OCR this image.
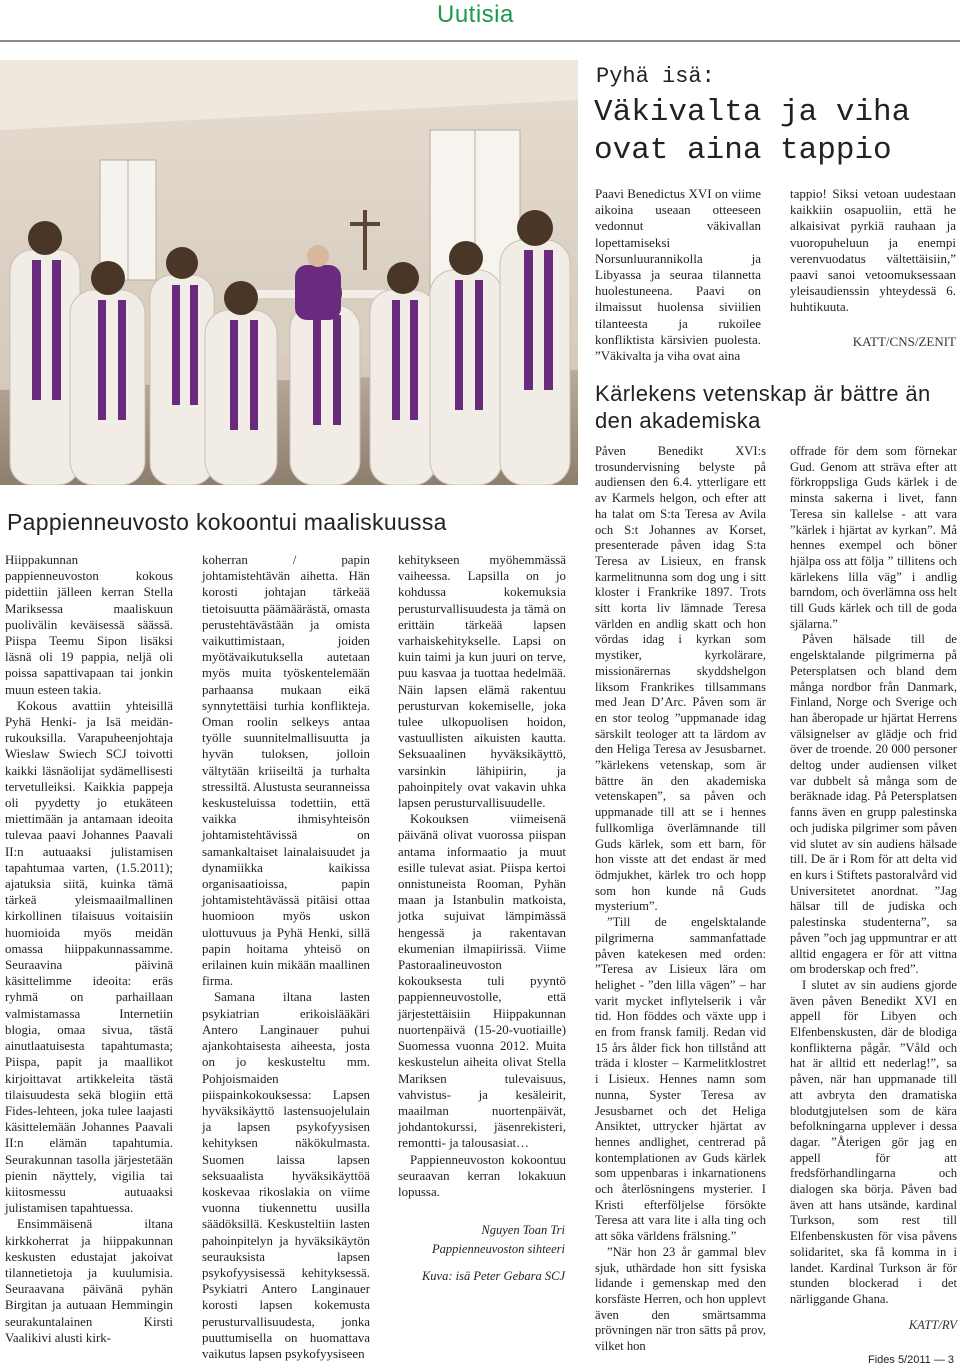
Uutisia
Pyhä isä:
Väkivalta ja viha ovat aina tappio

Paavi Benedictus XVI on viime aikoina useaan otteeseen vedonnut väkivallan lopettamiseksi Norsunluurannikolla ja Libyassa ja seuraa tilannetta huolestuneena. Paavi on ilmaissut huolensa siviilien tilanteesta ja rukoilee konfliktista kärsivien puolesta. ”Väkivalta ja viha ovat aina

tappio! Siksi vetoan uudestaan kaikkiin osapuoliin, että he alkaisivat pyrkiä rauhaan ja vuoropuheluun ja enempi verenvuodatus vältettäisiin,” paavi sanoi vetoomuksessaan yleisaudienssin yhteydessä 6. huhtikuuta.

KATT/CNS/ZENIT

Kärlekens vetenskap är bättre än den akademiska

Påven Benedikt XVI:s trosundervisning belyste på audiensen den 6.4. ytterligare ett av Karmels helgon, och efter att ha talat om S:ta Teresa av Avila och S:t Johannes av Korset, presenterade påven idag S:ta Teresa av Lisieux, en fransk karmelitnunna som dog ung i sitt kloster i Frankrike 1897. Trots sitt korta liv lämnade Teresa världen en andlig skatt och hon vördas idag i kyrkan som mystiker, kyrkolärare, missionärernas skyddshelgon liksom Frankrikes tillsammans med Jean D’Arc. Påven som är en stor teolog ”uppmanade idag särskilt teologer att ta lärdom av den Heliga Teresa av Jesusbarnet. ”kärlekens vetenskap, som är bättre än den akademiska vetenskapen”, sa påven och uppmanade till att se i hennes fullkomliga överlämnande till Guds kärlek, som ett barn, för hon visste att det endast är med ödmjukhet, kärlek tro och hopp som hon kunde nå Guds mysterium”.

”Till de engelsktalande pilgrimerna sammanfattade påven katekesen med orden: ”Teresa av Lisieux lära om helighet - ”den lilla vägen” – har varit mycket inflytelserik i vår tid. Hon föddes och växte upp i en from fransk familj. Redan vid 15 års ålder fick hon tillstånd att träda i kloster – Karmelitklostret i Lisieux. Hennes namn som nunna, Syster Teresa av Jesusbarnet och det Heliga Ansiktet, uttrycker hjärtat av hennes andlighet, centrerad på kontemplationen av Guds kärlek som uppenbaras i inkarnationens och återlösningens mysterier. I Kristi efterföljelse försökte Teresa att vara lite i alla ting och att söka världens frälsning.”

”När hon 23 år gammal blev sjuk, uthärdade hon sitt fysiska lidande i gemenskap med den korsfäste Herren, och hon upplevt även den smärtsamma prövningen när tron sätts på prov, vilket hon

offrade för dem som förnekar Gud. Genom att sträva efter att förkroppsliga Guds kärlek i de minsta sakerna i livet, fann Teresa sin kallelse - att vara ”kärlek i hjärtat av kyrkan”. Må hennes exempel och böner hjälpa oss att följa ” tillitens och kärlekens lilla väg” i andlig barndom, och överlämna oss helt till Guds kärlek och till de goda själarna.”

Påven hälsade till de engelsktalande pilgrimerna på Petersplatsen och bland dem många nordbor från Danmark, Finland, Norge och Sverige och han åberopade ur hjärtat Herrens välsignelser av glädje och frid över de troende. 20 000 personer deltog under audiensen vilket var dubbelt så många som de beräknade idag. På Petersplatsen fanns även en grupp palestinska och judiska pilgrimer som påven vid slutet av sin audiens hälsade till. De är i Rom för att delta vid en kurs i Stiftets pastoralvård vid Universitetet anordnat. ”Jag hälsar till de judiska och palestinska studenterna”, sa påven ”och jag uppmuntrar er att alltid engagera er för att vittna om broderskap och fred”.

I slutet av sin audiens gjorde även påven Benedikt XVI en appell för Libyen och Elfenbenskusten, där de blodiga konflikterna pågår. ”Våld och hat är alltid ett nederlag!”, sa påven, när han uppmanade till att avbryta den dramatiska blodutgjutelsen som de kära befolkningarna upplever i dessa dagar. ”Återigen gör jag en appell för att fredsförhandlingarna och dialogen ska börja. Påven bad även att hans utsände, kardinal Turkson, som rest till Elfenbenskusten för visa påvens solidaritet, ska få komma in i landet. Kardinal Turkson är för stunden blockerad i det närliggande Ghana.

KATT/RV

Pappienneuvosto kokoontui maaliskuussa

Hiippakunnan pappienneuvoston kokous pidettiin jälleen kerran Stella Mariksessa maaliskuun puolivälin keväisessä säässä. Piispa Teemu Sipon lisäksi läsnä oli 19 pappia, neljä oli poissa sapattivapaan tai jonkin muun esteen takia.

Kokous avattiin yhteisillä Pyhä Henki- ja Isä meidän-rukouksilla. Varapuheenjohtaja Wieslaw Swiech SCJ toivotti kaikki läsnäolijat sydämellisesti tervetulleiksi. Kaikkia pappeja oli pyydetty jo etukäteen miettimään ja antamaan ideoita tulevaa paavi Johannes Paavali II:n autuaaksi julistamisen tapahtumaa varten, (1.5.2011); ajatuksia siitä, kuinka tämä tärkeä yleismaailmallinen kirkollinen tilaisuus voitaisiin huomioida myös meidän omassa hiippakunnassamme. Seuraavina päivinä käsittelimme ideoita: eräs ryhmä on parhaillaan valmistamassa Internetiin blogia, omaa sivua, tästä ainutlaatuisesta tapahtumasta; Piispa, papit ja maallikot kirjoittavat artikkeleita tästä tilaisuudesta sekä blogiin että Fides-lehteen, joka tulee laajasti käsittelemään Johannes Paavali II:n elämän tapahtumia. Seurakunnan tasolla järjestetään pienin näyttely, vigilia tai kiitosmessu autuaaksi julistamisen tapahtuessa.

Ensimmäisenä iltana kirkkoherrat ja hiippakunnan keskusten edustajat jakoivat tilannetietoja ja kuulumisia. Seuraavana päivänä pyhän Birgitan ja autuaan Hemmingin seurakuntalainen Kirsti Vaalikivi alusti kirk-

koherran / papin johtamistehtävän aihetta. Hän korosti johtajan tärkeää tietoisuutta päämäärästä, omasta perustehtävästään ja omista vaikuttimistaan, joiden myötävaikutuksella autetaan myös muita työskentelemään parhaansa mukaan eikä synnytettäisi turhia konflikteja. Oman roolin selkeys antaa työlle suunnitelmallisuutta ja hyvän tuloksen, jolloin vältytään kriiseiltä ja turhalta stressiltä. Alustusta seuranneissa keskusteluissa todettiin, että vaikka ihmisyhteisön johtamistehtävissä on samankaltaiset lainalaisuudet ja dynamiikka kaikissa organisaatioissa, papin johtamistehtävässä pitäisi ottaa huomioon myös uskon ulottuvuus ja Pyhä Henki, sillä papin hoitama yhteisö on erilainen kuin mikään maallinen firma.

Samana iltana lasten psykiatrian erikoislääkäri Antero Langinauer puhui ajankohtaisesta aiheesta, josta on jo keskusteltu mm. Pohjoismaiden piispainkokouksessa: Lapsen hyväksikäyttö lastensuojelulain ja lapsen psykofyysisen kehityksen näkökulmasta. Suomen laissa lapsen seksuaalista hyväksikäyttöä koskevaa rikoslakia on viime vuonna tiukennettu uusilla säädöksillä. Keskusteltiin lasten pahoinpitelyn ja hyväksikäytön seurauksista lapsen psykofyysisessä kehityksessä. Psykiatri Antero Langinauer korosti lapsen kokemusta perusturvallisuudesta, jonka puuttumisella on huomattava vaikutus lapsen psykofyysiseen

kehitykseen myöhemmässä vaiheessa. Lapsilla on jo kohdussa kokemuksia perusturvallisuudesta ja tämä on erittäin tärkeää lapsen varhaiskehitykselle. Lapsi on kuin taimi ja kun juuri on terve, puu kasvaa ja tuottaa hedelmää. Näin lapsen elämä rakentuu perusturvan kokemiselle, joka tulee ulkopuolisen hoidon, vastuullisten aikuisten kautta. Seksuaalinen hyväksikäyttö, varsinkin lähipiirin, ja pahoinpitely ovat vakavin uhka lapsen perusturvallisuudelle.

Kokouksen viimeisenä päivänä olivat vuorossa piispan antama informaatio ja muut esille tulevat asiat. Piispa kertoi onnistuneista Rooman, Pyhän maan ja Istanbulin matkoista, jotka sujuivat lämpimässä hengessä ja rakentavan ekumenian ilmapiirissä. Viime Pastoraalineuvoston kokouksesta tuli pyyntö pappienneuvostolle, että järjestettäisiin Hiippakunnan nuortenpäivä (15-20-vuotiaille) Suomessa vuonna 2012. Muita keskustelun aiheita olivat Stella Mariksen tulevaisuus, vahvistus- ja kesäleirit, maailman nuortenpäivät, johdantokurssi, jäsenrekisteri, remontti- ja talousasiat…

Pappienneuvoston kokoontuu seuraavan kerran lokakuun lopussa.

Nguyen Toan Tri
Pappienneuvoston sihteeri
Kuva: isä Peter Gebara SCJ
Fides 5/2011 — 3
